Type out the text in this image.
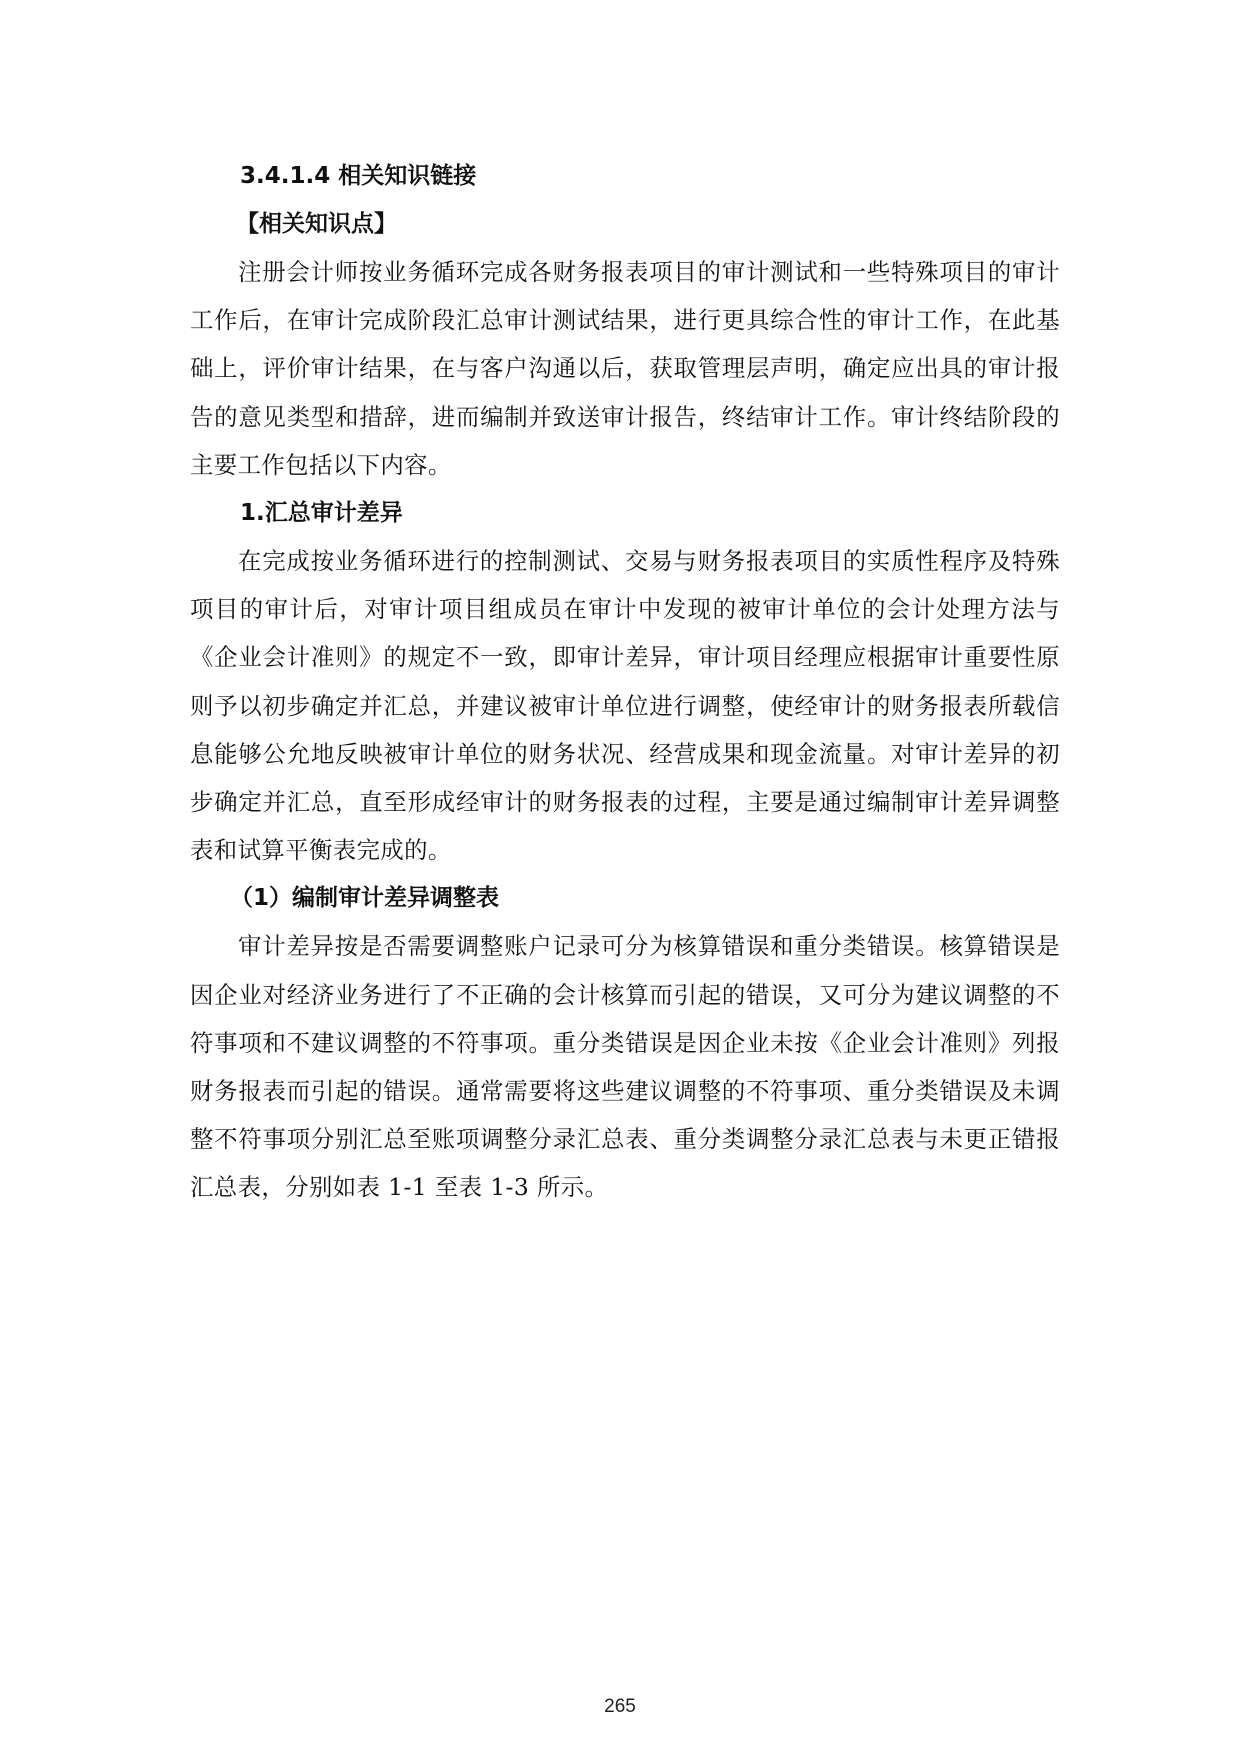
3.4.1.4 相关知识链接

【相关知识点】

注册会计师按业务循环完成各财务报表项目的审计测试和一些特殊项目的审计工作后，在审计完成阶段汇总审计测试结果，进行更具综合性的审计工作，在此基础上，评价审计结果，在与客户沟通以后，获取管理层声明，确定应出具的审计报告的意见类型和措辞，进而编制并致送审计报告，终结审计工作。审计终结阶段的主要工作包括以下内容。

1.汇总审计差异

在完成按业务循环进行的控制测试、交易与财务报表项目的实质性程序及特殊项目的审计后，对审计项目组成员在审计中发现的被审计单位的会计处理方法与《企业会计准则》的规定不一致，即审计差异，审计项目经理应根据审计重要性原则予以初步确定并汇总，并建议被审计单位进行调整，使经审计的财务报表所载信息能够公允地反映被审计单位的财务状况、经营成果和现金流量。对审计差异的初步确定并汇总，直至形成经审计的财务报表的过程，主要是通过编制审计差异调整表和试算平衡表完成的。

（1）编制审计差异调整表

审计差异按是否需要调整账户记录可分为核算错误和重分类错误。核算错误是因企业对经济业务进行了不正确的会计核算而引起的错误，又可分为建议调整的不符事项和不建议调整的不符事项。重分类错误是因企业未按《企业会计准则》列报财务报表而引起的错误。通常需要将这些建议调整的不符事项、重分类错误及未调整不符事项分别汇总至账项调整分录汇总表、重分类调整分录汇总表与未更正错报汇总表，分别如表 1-1 至表 1-3 所示。

265
